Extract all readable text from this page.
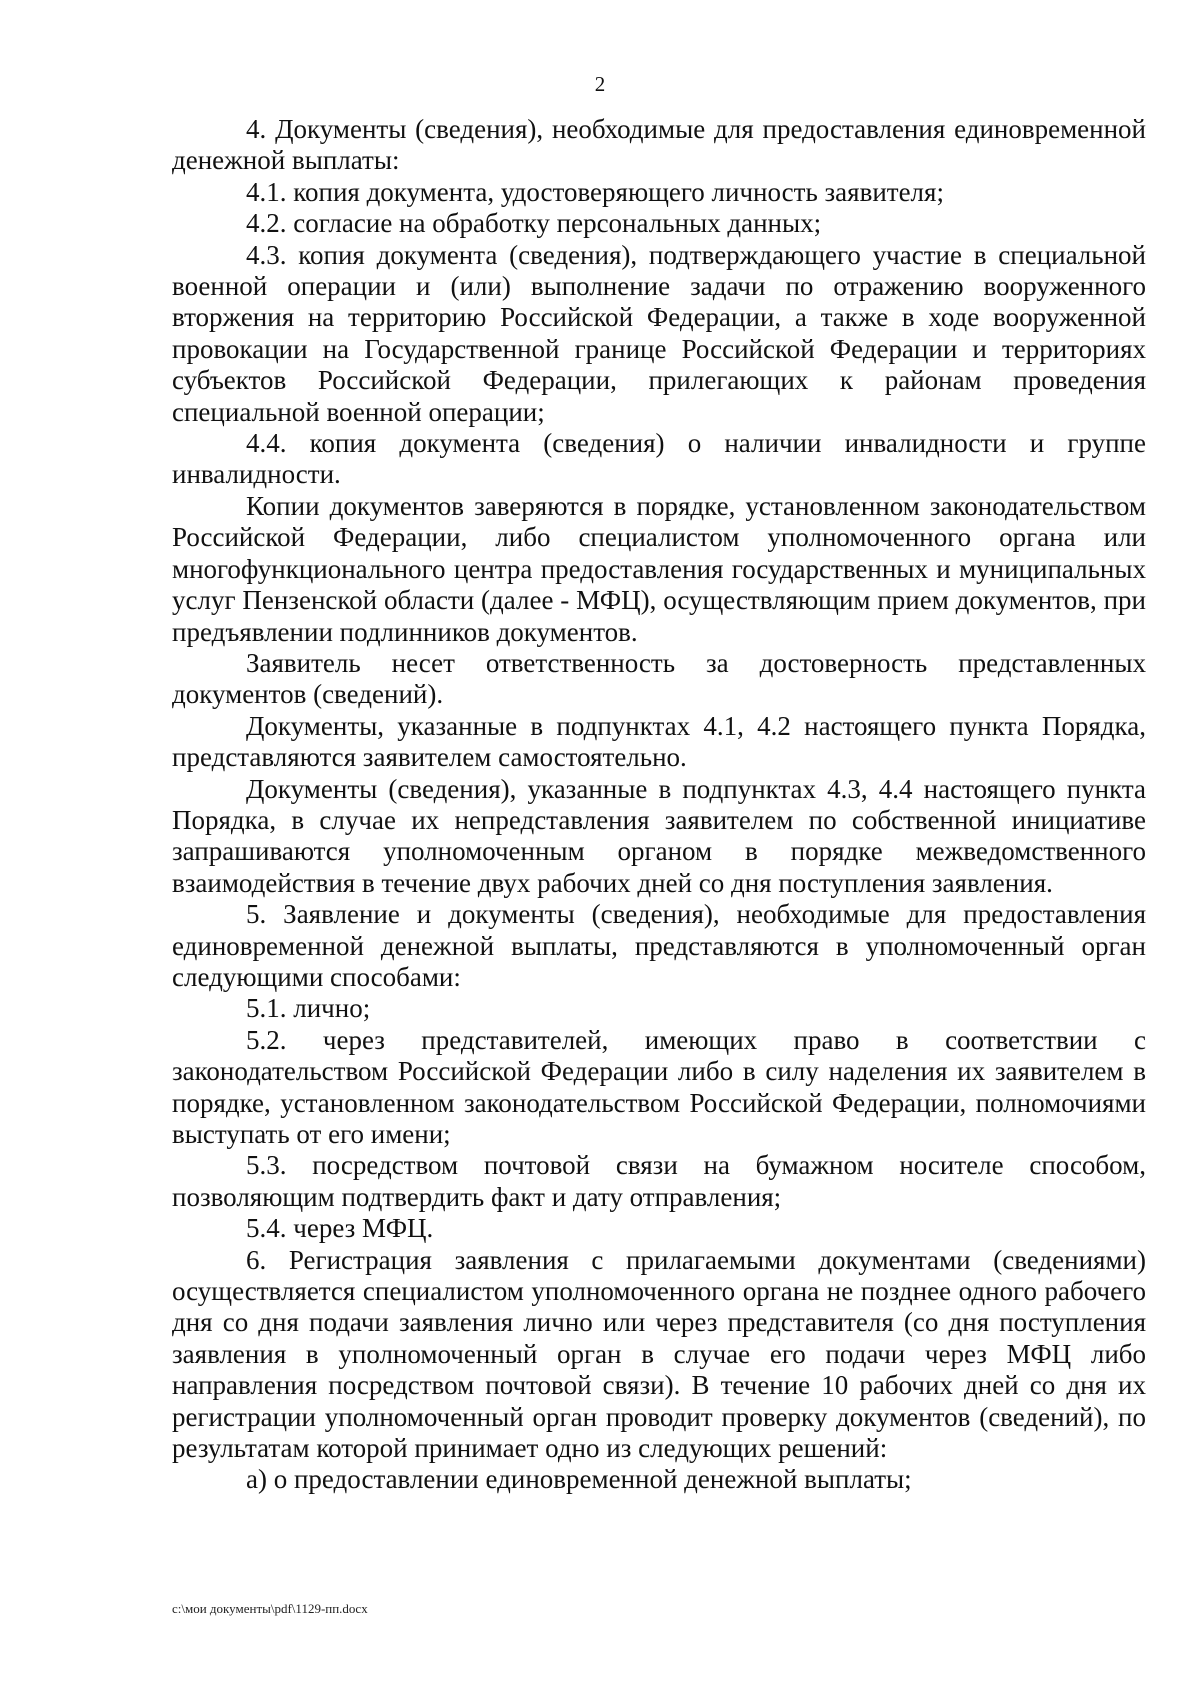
2

4. Документы (сведения), необходимые для предоставления единовременной денежной выплаты:

4.1. копия документа, удостоверяющего личность заявителя;

4.2. согласие на обработку персональных данных;

4.3. копия документа (сведения), подтверждающего участие в специальной военной операции и (или) выполнение задачи по отражению вооруженного вторжения на территорию Российской Федерации, а также в ходе вооруженной провокации на Государственной границе Российской Федерации и территориях субъектов Российской Федерации, прилегающих к районам проведения специальной военной операции;

4.4. копия документа (сведения) о наличии инвалидности и группе инвалидности.

Копии документов заверяются в порядке, установленном законодательством Российской Федерации, либо специалистом уполномоченного органа или многофункционального центра предоставления государственных и муниципальных услуг Пензенской области (далее - МФЦ), осуществляющим прием документов, при предъявлении подлинников документов.

Заявитель несет ответственность за достоверность представленных документов (сведений).

Документы, указанные в подпунктах 4.1, 4.2 настоящего пункта Порядка, представляются заявителем самостоятельно.

Документы (сведения), указанные в подпунктах 4.3, 4.4 настоящего пункта Порядка, в случае их непредставления заявителем по собственной инициативе запрашиваются уполномоченным органом в порядке межведомственного взаимодействия в течение двух рабочих дней со дня поступления заявления.

5. Заявление и документы (сведения), необходимые для предоставления единовременной денежной выплаты, представляются в уполномоченный орган следующими способами:

5.1. лично;

5.2. через представителей, имеющих право в соответствии с законодательством Российской Федерации либо в силу наделения их заявителем в порядке, установленном законодательством Российской Федерации, полномочиями выступать от его имени;

5.3. посредством почтовой связи на бумажном носителе способом, позволяющим подтвердить факт и дату отправления;

5.4. через МФЦ.

6. Регистрация заявления с прилагаемыми документами (сведениями) осуществляется специалистом уполномоченного органа не позднее одного рабочего дня со дня подачи заявления лично или через представителя (со дня поступления заявления в уполномоченный орган в случае его подачи через МФЦ либо направления посредством почтовой связи). В течение 10 рабочих дней со дня их регистрации уполномоченный орган проводит проверку документов (сведений), по результатам которой принимает одно из следующих решений:

а) о предоставлении единовременной денежной выплаты;

c:\мои документы\pdf\1129-пп.docx
